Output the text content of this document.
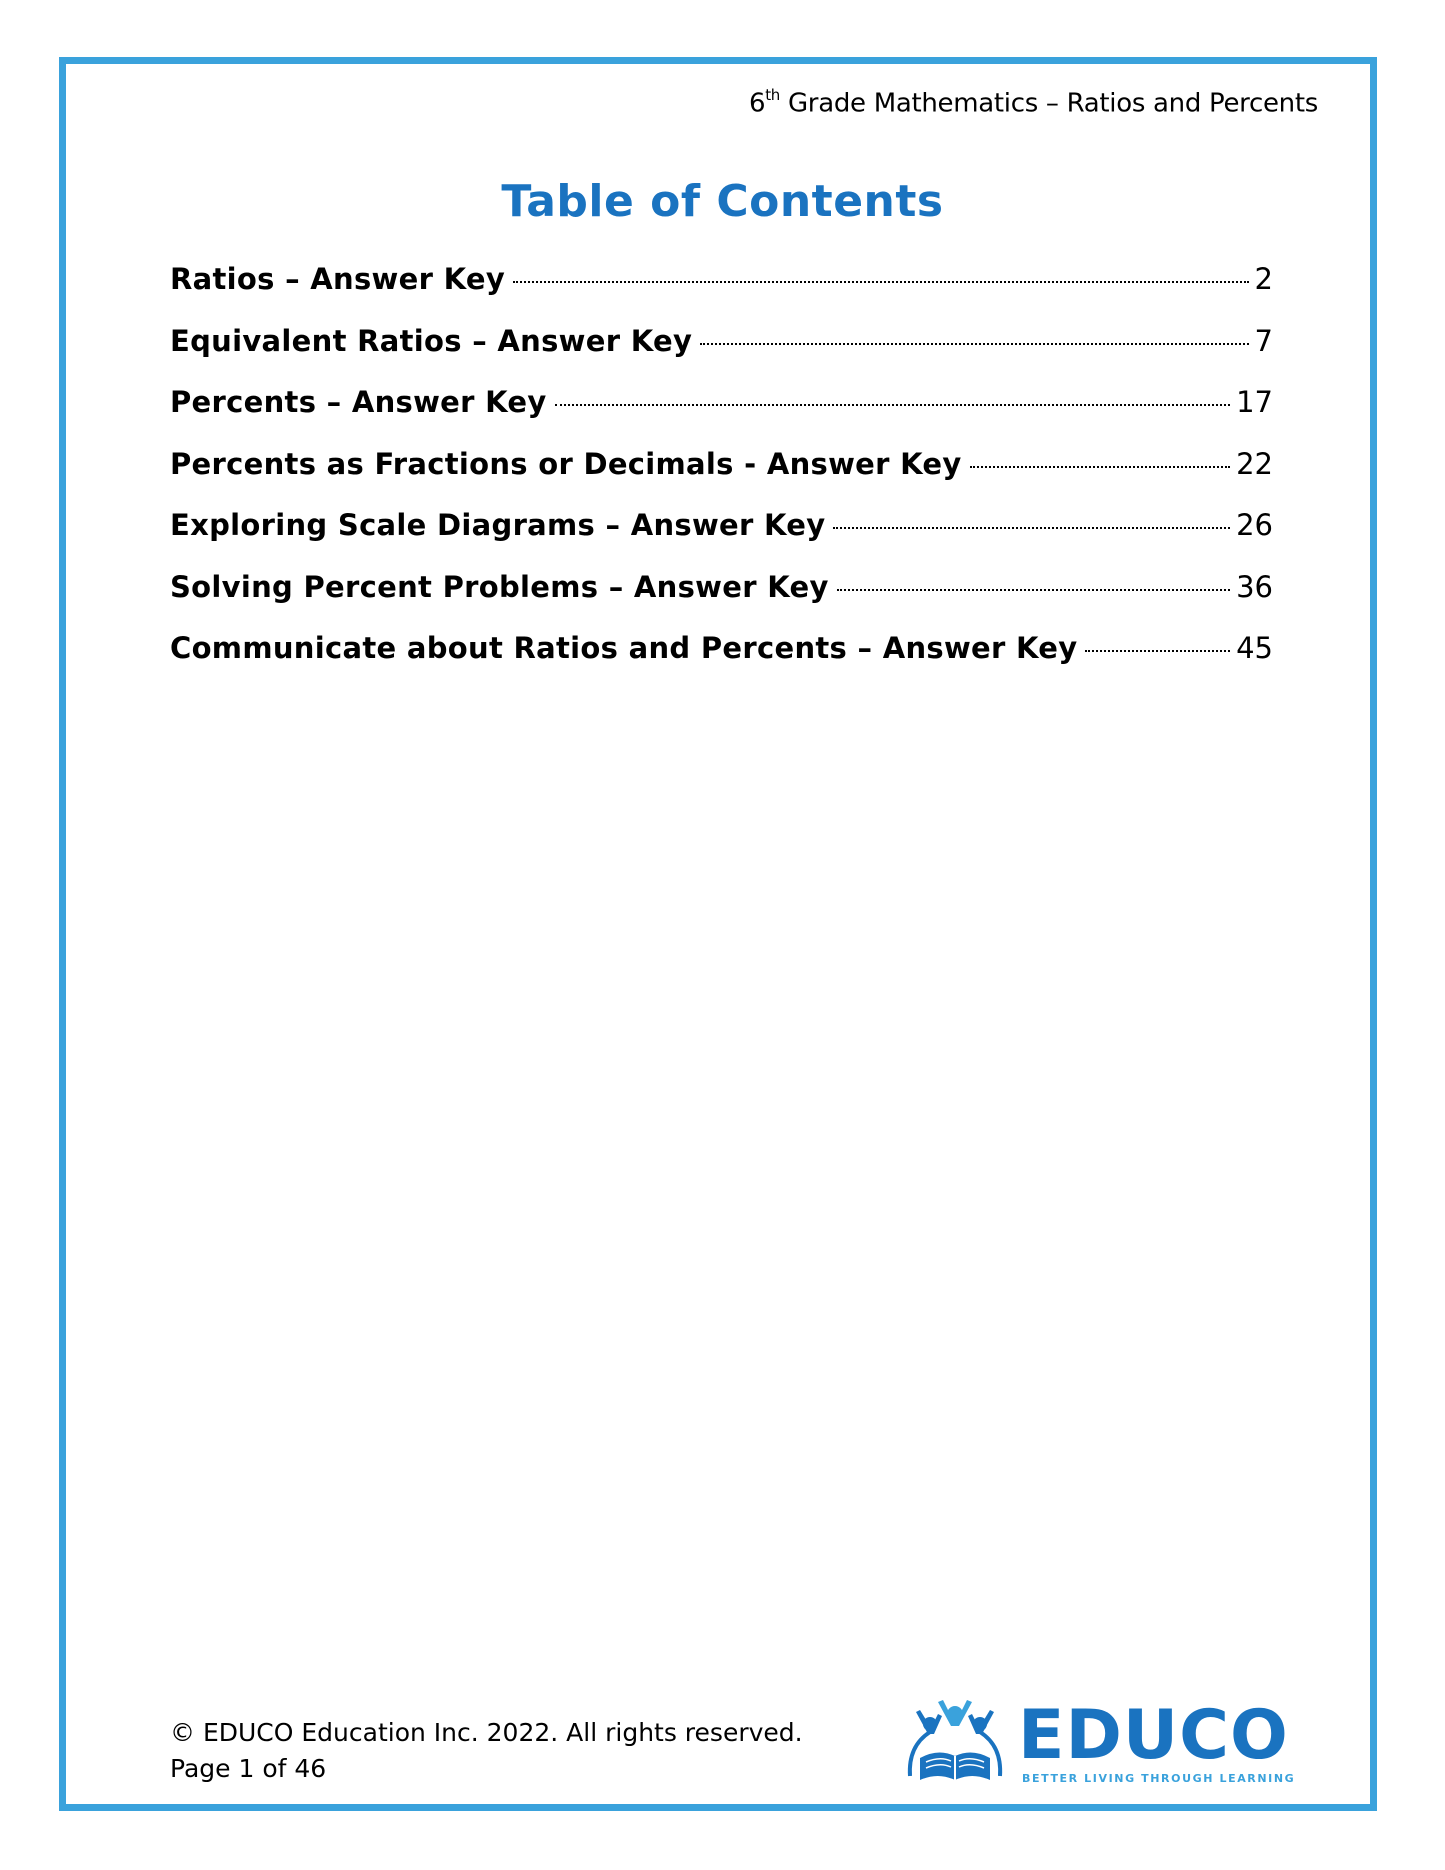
6th Grade Mathematics – Ratios and Percents
Table of Contents
Ratios – Answer Key	2
Equivalent Ratios – Answer Key	7
Percents – Answer Key	17
Percents as Fractions or Decimals - Answer Key	22
Exploring Scale Diagrams – Answer Key	26
Solving Percent Problems – Answer Key	36
Communicate about Ratios and Percents – Answer Key	45
© EDUCO Education Inc. 2022. All rights reserved.
Page 1 of 46	EDUCO
BETTER LIVING THROUGH LEARNING
